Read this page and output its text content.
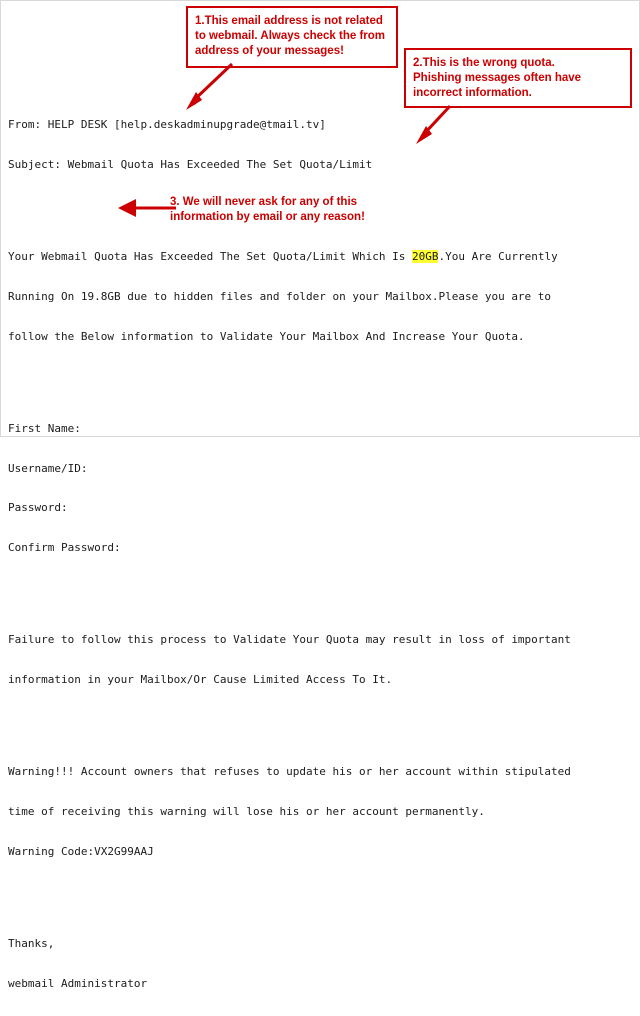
From: HELP DESK [help.deskadminupgrade@tmail.tv]

Subject: Webmail Quota Has Exceeded The Set Quota/Limit

Your Webmail Quota Has Exceeded The Set Quota/Limit Which Is 20GB.You Are Currently

Running On 19.8GB due to hidden files and folder on your Mailbox.Please you are to

follow the Below information to Validate Your Mailbox And Increase Your Quota.

First Name:

Username/ID:

Password:

Confirm Password:

Failure to follow this process to Validate Your Quota may result in loss of important

information in your Mailbox/Or Cause Limited Access To It.

Warning!!! Account owners that refuses to update his or her account within stipulated

time of receiving this warning will lose his or her account permanently.

Warning Code:VX2G99AAJ

Thanks,

webmail Administrator

1.This email address is not related
to webmail. Always check the from
address of your messages!
2.This is the wrong quota.
Phishing messages often have
incorrect information.
3. We will never ask for any of this
information by email or any reason!
